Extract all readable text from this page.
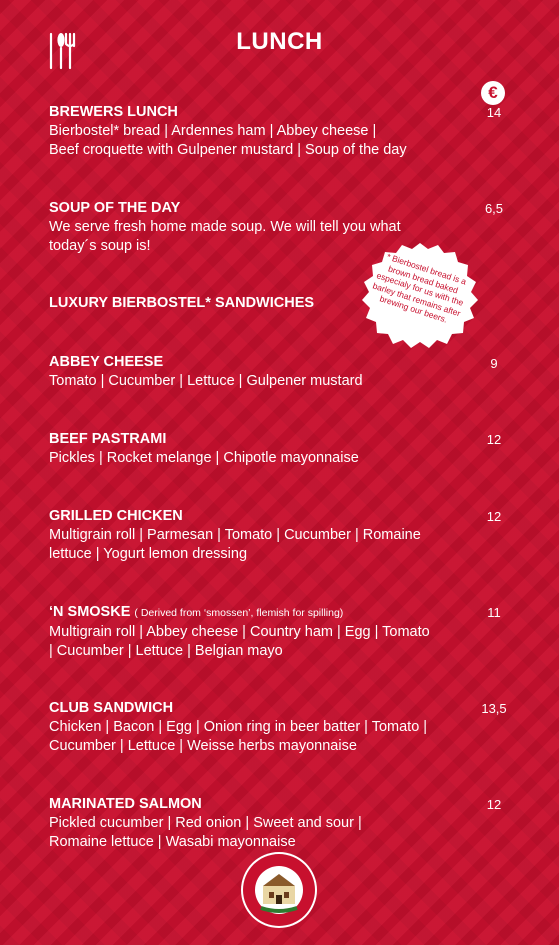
LUNCH
€
BREWERS LUNCH
Bierbostel* bread | Ardennes ham | Abbey cheese |
Beef croquette with Gulpener mustard | Soup of the day
14
SOUP OF THE DAY
We serve fresh home made soup. We will tell you what
today´s soup is!
6,5
LUXURY BIERBOSTEL* SANDWICHES
ABBEY CHEESE
Tomato | Cucumber | Lettuce | Gulpener mustard
9
BEEF PASTRAMI
Pickles | Rocket melange | Chipotle mayonnaise
12
GRILLED CHICKEN
Multigrain roll | Parmesan | Tomato | Cucumber | Romaine
lettuce | Yogurt lemon dressing
12
‘N SMOSKE ( Derived from ‘smossen’, flemish for spilling)
Multigrain roll | Abbey cheese | Country ham | Egg | Tomato
| Cucumber | Lettuce | Belgian mayo
11
CLUB SANDWICH
Chicken | Bacon | Egg | Onion ring in beer batter | Tomato |
Cucumber | Lettuce | Weisse herbs mayonnaise
13,5
MARINATED SALMON
Pickled cucumber | Red onion | Sweet and sour |
Romaine lettuce | Wasabi mayonnaise
12
* Bierbostel bread is a brown bread baked especialy for us with the barley that remains after brewing our beers.
